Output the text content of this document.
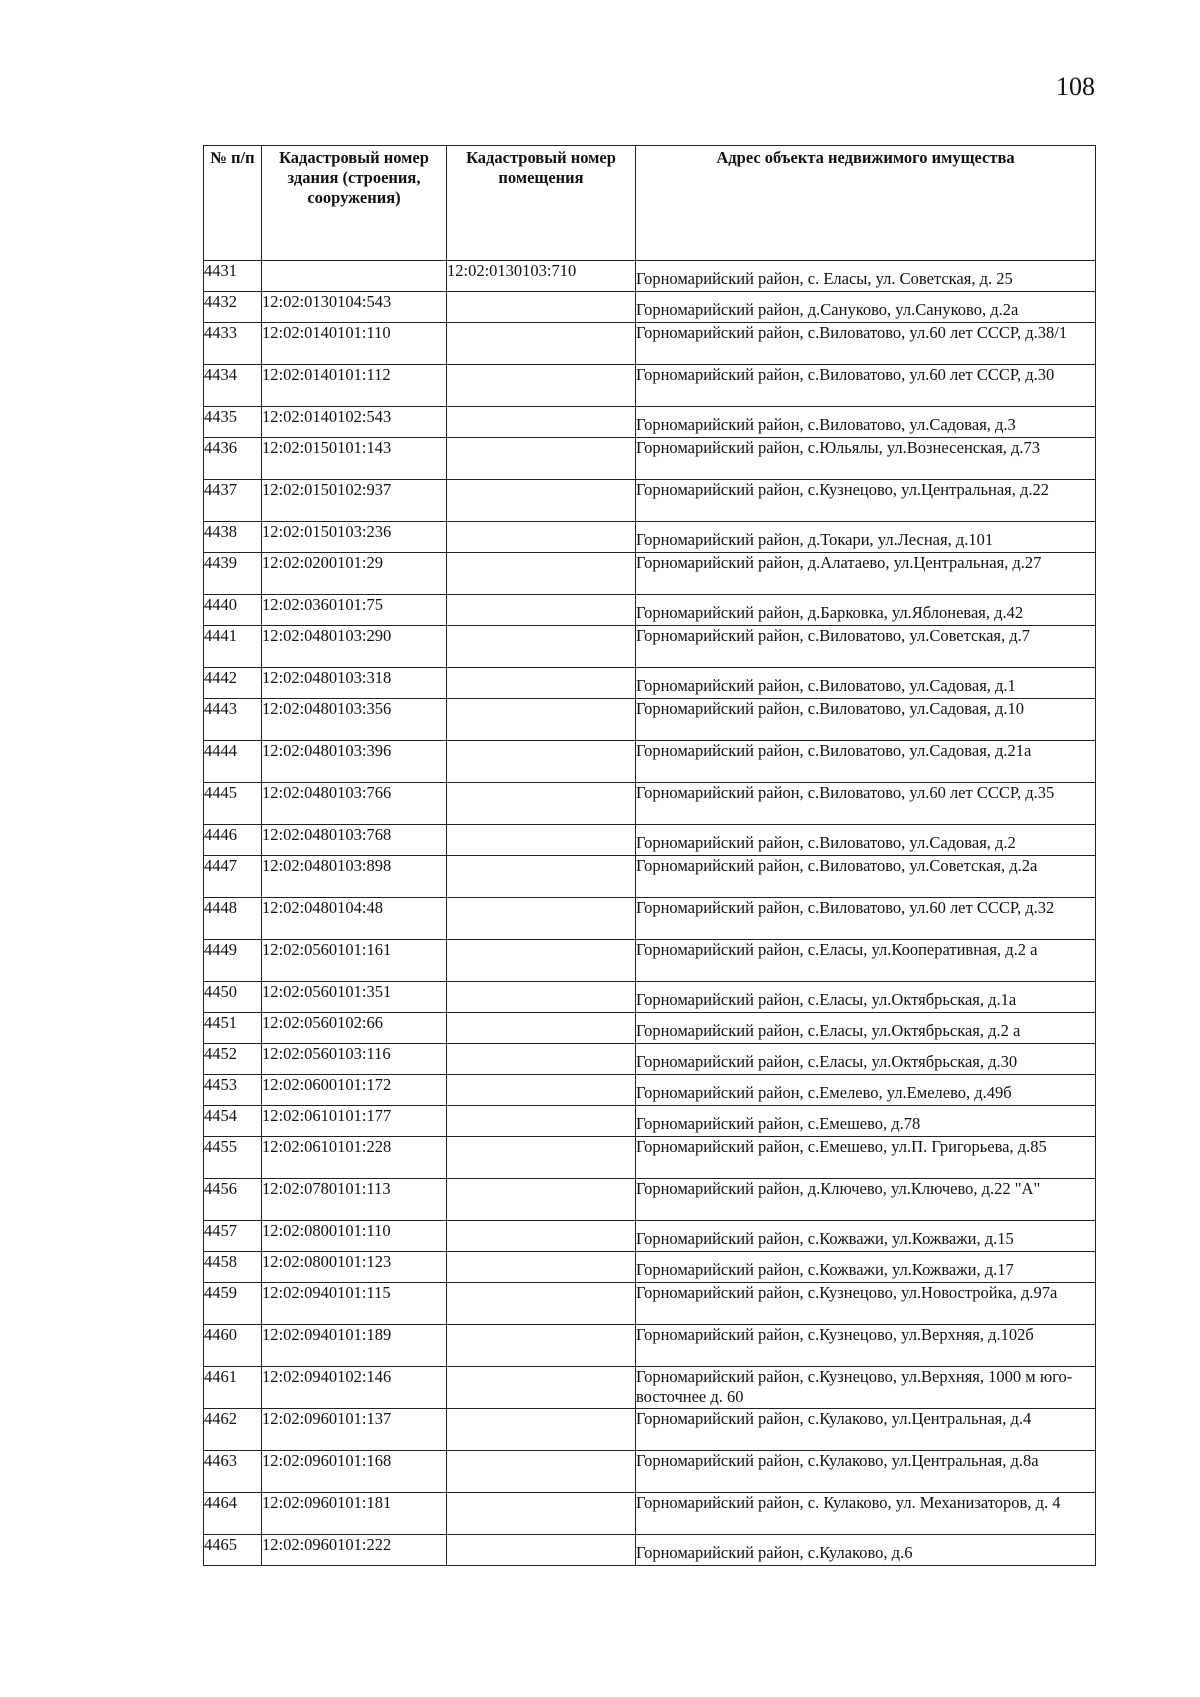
108
№ п/п	Кадастровый номер здания (строения, сооружения)	Кадастровый номер помещения	Адрес объекта недвижимого имущества
4431		12:02:0130103:710	Горномарийский район, с. Еласы, ул. Советская, д. 25
4432	12:02:0130104:543		Горномарийский район, д.Сануково, ул.Сануково, д.2а
4433	12:02:0140101:110		Горномарийский район, с.Виловатово, ул.60 лет СССР, д.38/1
4434	12:02:0140101:112		Горномарийский район, с.Виловатово, ул.60 лет СССР, д.30
4435	12:02:0140102:543		Горномарийский район, с.Виловатово, ул.Садовая, д.3
4436	12:02:0150101:143		Горномарийский район, с.Юльялы, ул.Вознесенская, д.73
4437	12:02:0150102:937		Горномарийский район, с.Кузнецово, ул.Центральная, д.22
4438	12:02:0150103:236		Горномарийский район, д.Токари, ул.Лесная, д.101
4439	12:02:0200101:29		Горномарийский район, д.Алатаево, ул.Центральная, д.27
4440	12:02:0360101:75		Горномарийский район, д.Барковка, ул.Яблоневая, д.42
4441	12:02:0480103:290		Горномарийский район, с.Виловатово, ул.Советская, д.7
4442	12:02:0480103:318		Горномарийский район, с.Виловатово, ул.Садовая, д.1
4443	12:02:0480103:356		Горномарийский район, с.Виловатово, ул.Садовая, д.10
4444	12:02:0480103:396		Горномарийский район, с.Виловатово, ул.Садовая, д.21а
4445	12:02:0480103:766		Горномарийский район, с.Виловатово, ул.60 лет СССР, д.35
4446	12:02:0480103:768		Горномарийский район, с.Виловатово, ул.Садовая, д.2
4447	12:02:0480103:898		Горномарийский район, с.Виловатово, ул.Советская, д.2а
4448	12:02:0480104:48		Горномарийский район, с.Виловатово, ул.60 лет СССР, д.32
4449	12:02:0560101:161		Горномарийский район, с.Еласы, ул.Кооперативная, д.2 а
4450	12:02:0560101:351		Горномарийский район, с.Еласы, ул.Октябрьская, д.1а
4451	12:02:0560102:66		Горномарийский район, с.Еласы, ул.Октябрьская, д.2 а
4452	12:02:0560103:116		Горномарийский район, с.Еласы, ул.Октябрьская, д.30
4453	12:02:0600101:172		Горномарийский район, с.Емелево, ул.Емелево, д.49б
4454	12:02:0610101:177		Горномарийский район, с.Емешево, д.78
4455	12:02:0610101:228		Горномарийский район, с.Емешево, ул.П. Григорьева, д.85
4456	12:02:0780101:113		Горномарийский район, д.Ключево, ул.Ключево, д.22 "А"
4457	12:02:0800101:110		Горномарийский район, с.Кожважи, ул.Кожважи, д.15
4458	12:02:0800101:123		Горномарийский район, с.Кожважи, ул.Кожважи, д.17
4459	12:02:0940101:115		Горномарийский район, с.Кузнецово, ул.Новостройка, д.97а
4460	12:02:0940101:189		Горномарийский район, с.Кузнецово, ул.Верхняя, д.102б
4461	12:02:0940102:146		Горномарийский район, с.Кузнецово, ул.Верхняя, 1000 м юго-восточнее д. 60
4462	12:02:0960101:137		Горномарийский район, с.Кулаково, ул.Центральная, д.4
4463	12:02:0960101:168		Горномарийский район, с.Кулаково, ул.Центральная, д.8а
4464	12:02:0960101:181		Горномарийский район, с. Кулаково, ул. Механизаторов, д. 4
4465	12:02:0960101:222		Горномарийский район, с.Кулаково, д.6
